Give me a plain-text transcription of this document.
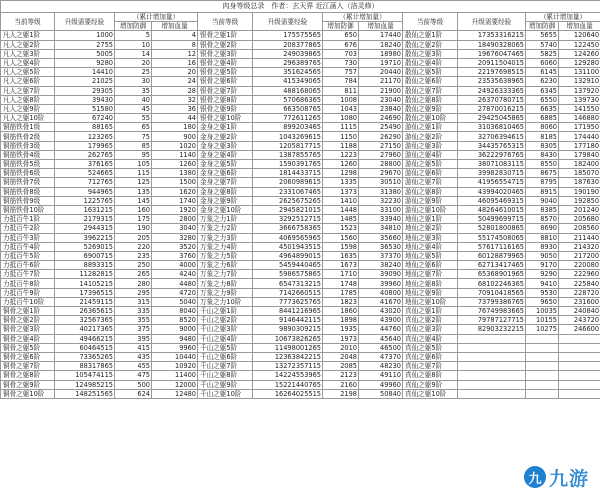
肉身等级总录　作者：玄天界 近江菡人（洛灵修）											
当前等级	升级需要经验	（累计增加量）		当前等级	升级需要经验	（累计增加量）		当前等级	升级需要经验	（累计增加量）	
		增加防御	增加血量			增加防御	增加血量			增加防御	增加血量
凡人之躯1阶	1000	5	4	银骨之躯1阶	175575565	650	17440	散仙之躯1阶	17353316215	5655	120640
凡人之躯2阶	2755	10	8	银骨之躯2阶	208377865	676	18240	散仙之躯2阶	18490328065	5740	122450
凡人之躯3阶	5005	14	12	银骨之躯3阶	249039865	703	18980	散仙之躯3阶	19676047465	5825	124260
凡人之躯4阶	9280	20	16	银骨之躯4阶	296389765	730	19710	散仙之躯4阶	20911504015	6060	129280
凡人之躯5阶	14410	25	20	银骨之躯5阶	351624565	757	20440	散仙之躯5阶	22197698515	6145	131100
凡人之躯6阶	21025	30	24	银骨之躯6阶	415349065	784	21170	散仙之躯6阶	23535638965	6230	132910
凡人之躯7阶	29305	35	28	银骨之躯7阶	488168065	811	21900	散仙之躯7阶	24926333365	6345	137920
凡人之躯8阶	39430	40	32	银骨之躯8阶	570686365	1008	23040	散仙之躯8阶	26370780715	6550	139730
凡人之躯9阶	51580	45	36	银骨之躯9阶	663508765	1043	23840	散仙之躯9阶	27870016215	6635	141550
凡人之躯10阶	67240	55	44	银骨之躯10阶	772611265	1080	24690	散仙之躯10阶	29425045865	6885	146880
铜筋铁骨1级	88165	65	180	金身之躯1阶	899203465	1115	25490	游仙之躯1阶	31036810465	8060	171950
铜筋铁骨2级	123265	75	900	金身之躯2阶	1043269615	1150	26290	游仙之躯2阶	32706394615	8185	174440
铜筋铁骨3级	179965	85	1020	金身之躯3阶	1205817715	1188	27150	游仙之躯3阶	34435765315	8305	177180
铜筋铁骨4级	262765	95	1140	金身之躯4阶	1387855765	1223	27960	游仙之躯4阶	36222976765	8430	179840
铜筋铁骨5级	376165	105	1260	金身之躯5阶	1590391765	1260	28800	游仙之躯5阶	38071083115	8550	182400
铜筋铁骨6级	524665	115	1380	金身之躯6阶	1814433715	1298	29670	游仙之躯6阶	39982830715	8675	185070
铜筋铁骨7级	712765	125	1500	金身之躯7阶	2060989615	1335	30510	游仙之躯7阶	41956554715	8795	187630
铜筋铁骨8级	944965	135	1620	金身之躯8阶	2331067465	1373	31380	游仙之躯8阶	43994020465	8915	190190
铜筋铁骨9级	1225765	145	1740	金身之躯9阶	2625675265	1410	32230	游仙之躯9阶	46095469315	9040	192850
铜筋铁骨10阶	1631215	160	1920	金身之躯10阶	2945821015	1448	33100	游仙之躯10阶	48264610015	8385	201240
力抵百牛1阶	2179315	175	2800	万象之力1阶	3292512715	1485	33940	地仙之躯1阶	50499699715	8570	205680
力抵百牛2阶	2944315	190	3040	万象之力2阶	3666758365	1523	34810	地仙之躯2阶	52801800865	8690	208560
力抵百牛3阶	3962215	205	3280	万象之力3阶	4069565965	1560	35660	地仙之躯3阶	55174508065	8810	211440
力抵百牛4阶	5269015	220	3520	万象之力4阶	4501943515	1598	36530	地仙之躯4阶	57617116165	8930	214320
力抵百牛5阶	6900715	235	3760	万象之力5阶	4964899015	1635	37370	地仙之躯5阶	60128879965	9050	217200
力抵百牛6阶	8893315	250	4000	万象之力6阶	5459440465	1673	38240	地仙之躯6阶	62713417465	9170	220080
力抵百牛7阶	11282815	265	4240	万象之力7阶	5986575865	1710	39090	地仙之躯7阶	65368901965	9290	222960
力抵百牛8阶	14105215	280	4480	万象之力8阶	6547313215	1748	39960	地仙之躯8阶	68102246365	9410	225840
力抵百牛9阶	17396515	295	4720	万象之力9阶	7142660515	1785	40800	地仙之躯9阶	70910418565	9530	228720
力抵百牛10阶	21459115	315	5040	万象之力10阶	7773625765	1823	41670	地仙之躯10阶	73799386765	9650	231600
铜骨之躯1阶	26365615	335	8040	千山之躯1阶	8441216965	1860	43020	真仙之躯1阶	76749983665	10035	240840
铜骨之躯2阶	32567365	355	8520	千山之躯2阶	9146442115	1898	43900	真仙之躯2阶	79787127715	10155	243720
铜骨之躯3阶	40217365	375	9000	千山之躯3阶	9890309215	1935	44760	真仙之躯3阶	82903232215	10275	246600
铜骨之躯4阶	49466215	395	9480	千山之躯4阶	10673826265	1973	45640	真仙之躯4阶			
铜骨之躯5阶	60464515	415	9960	千山之躯5阶	11498001265	2010	46500	真仙之躯5阶			
铜骨之躯6阶	73365265	435	10440	千山之躯6阶	12363842215	2048	47370	真仙之躯6阶			
铜骨之躯7阶	88317865	455	10920	千山之躯7阶	13272357115	2085	48230	真仙之躯7阶			
铜骨之躯8阶	105474115	475	11400	千山之躯8阶	14224553965	2123	49110	真仙之躯8阶			
铜骨之躯9阶	124985215	500	12000	千山之躯9阶	15221440765	2160	49960	真仙之躯9阶			
铜骨之躯10阶	148251565	624	12480	千山之躯10阶	16264025515	2198	50840	真仙之躯10阶			
九 九游
